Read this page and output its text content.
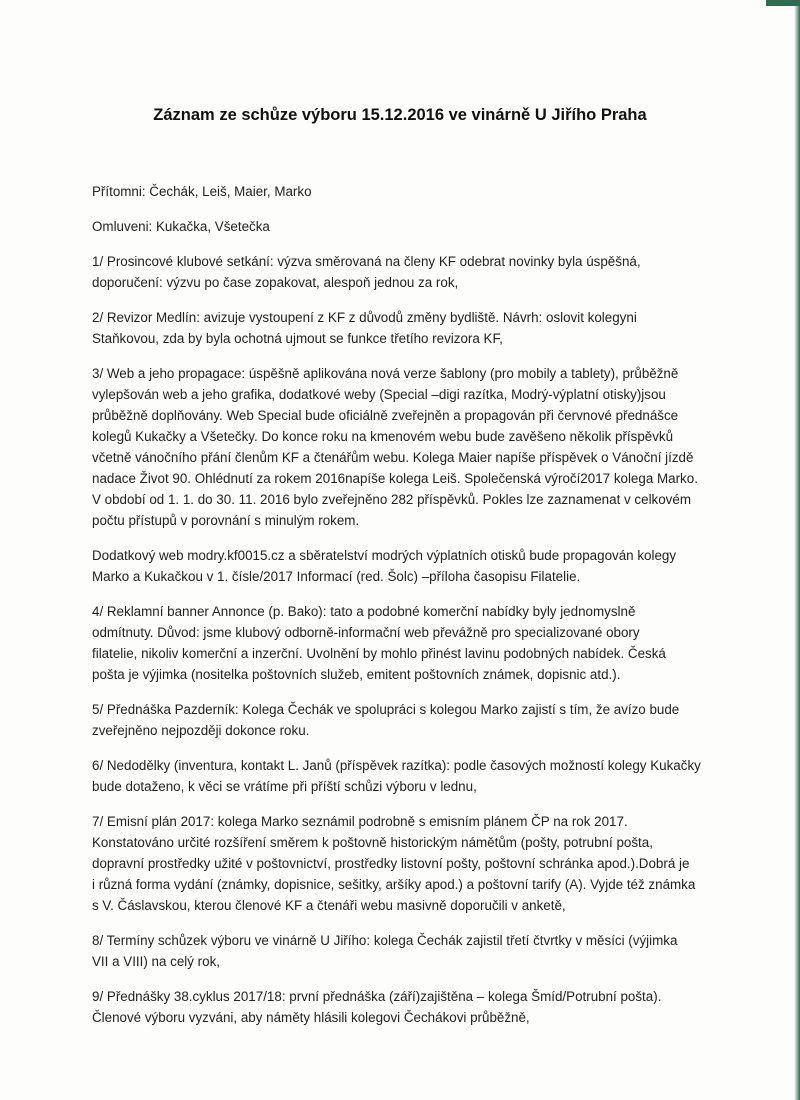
Záznam ze schůze výboru 15.12.2016 ve vinárně U Jiřího Praha

Přítomni: Čechák, Leiš, Maier, Marko

Omluveni: Kukačka, Všetečka

1/ Prosincové klubové setkání: výzva směrovaná na členy KF odebrat novinky byla úspěšná,
doporučení: výzvu po čase zopakovat, alespoň jednou za rok,

2/ Revizor Medlín: avizuje vystoupení z KF z důvodů změny bydliště. Návrh: oslovit kolegyni
Staňkovou, zda by byla ochotná ujmout se funkce třetího revizora KF,

3/ Web a jeho propagace: úspěšně aplikována nová verze šablony (pro mobily a tablety), průběžně
vylepšován web a jeho grafika, dodatkové weby (Special –digi razítka, Modrý-výplatní otisky)jsou
průběžně doplňovány. Web Special bude oficiálně zveřejněn a propagován při červnové přednášce
kolegů Kukačky a Všetečky. Do konce roku na kmenovém webu bude zavěšeno několik příspěvků
včetně vánočního přání členům KF a čtenářům webu. Kolega Maier napíše příspěvek o Vánoční jízdě
nadace Život 90. Ohlédnutí za rokem 2016napíše kolega Leiš. Společenská výročí2017 kolega Marko.
V období od 1. 1. do 30. 11. 2016 bylo zveřejněno 282 příspěvků. Pokles lze zaznamenat v celkovém
počtu přístupů v porovnání s minulým rokem.

Dodatkový web modry.kf0015.cz a sběratelství modrých výplatních otisků bude propagován kolegy
Marko a Kukačkou v 1. čísle/2017 Informací (red. Šolc) –příloha časopisu Filatelie.

4/ Reklamní banner Annonce (p. Bako): tato a podobné komerční nabídky byly jednomyslně
odmítnuty. Důvod: jsme klubový odborně-informační web převážně pro specializované obory
filatelie, nikoliv komerční a inzerční. Uvolnění by mohlo přinést lavinu podobných nabídek. Česká
pošta je výjimka (nositelka poštovních služeb, emitent poštovních známek, dopisnic atd.).

5/ Přednáška Pazderník: Kolega Čechák ve spolupráci s kolegou Marko zajistí s tím, že avízo bude
zveřejněno nejpozději dokonce roku.

6/ Nedodělky (inventura, kontakt L. Janů (příspěvek razítka): podle časových možností kolegy Kukačky
bude dotaženo, k věci se vrátíme při příští schůzi výboru v lednu,

7/ Emisní plán 2017: kolega Marko seznámil podrobně s emisním plánem ČP na rok 2017.
Konstatováno určité rozšíření směrem k poštovně historickým námětům (pošty, potrubní pošta,
dopravní prostředky užité v poštovnictví, prostředky listovní pošty, poštovní schránka apod.).Dobrá je
i různá forma vydání (známky, dopisnice, sešitky, aršíky apod.) a poštovní tarify (A). Vyjde též známka
s V. Čáslavskou, kterou členové KF a čtenáři webu masivně doporučili v anketě,

8/ Termíny schůzek výboru ve vinárně U Jiřího: kolega Čechák zajistil třetí čtvrtky v měsíci (výjimka
VII a VIII) na celý rok,

9/ Přednášky 38.cyklus 2017/18: první přednáška (září)zajištěna – kolega Šmíd/Potrubní pošta).
Členové výboru vyzváni, aby náměty hlásili kolegovi Čechákovi průběžně,
